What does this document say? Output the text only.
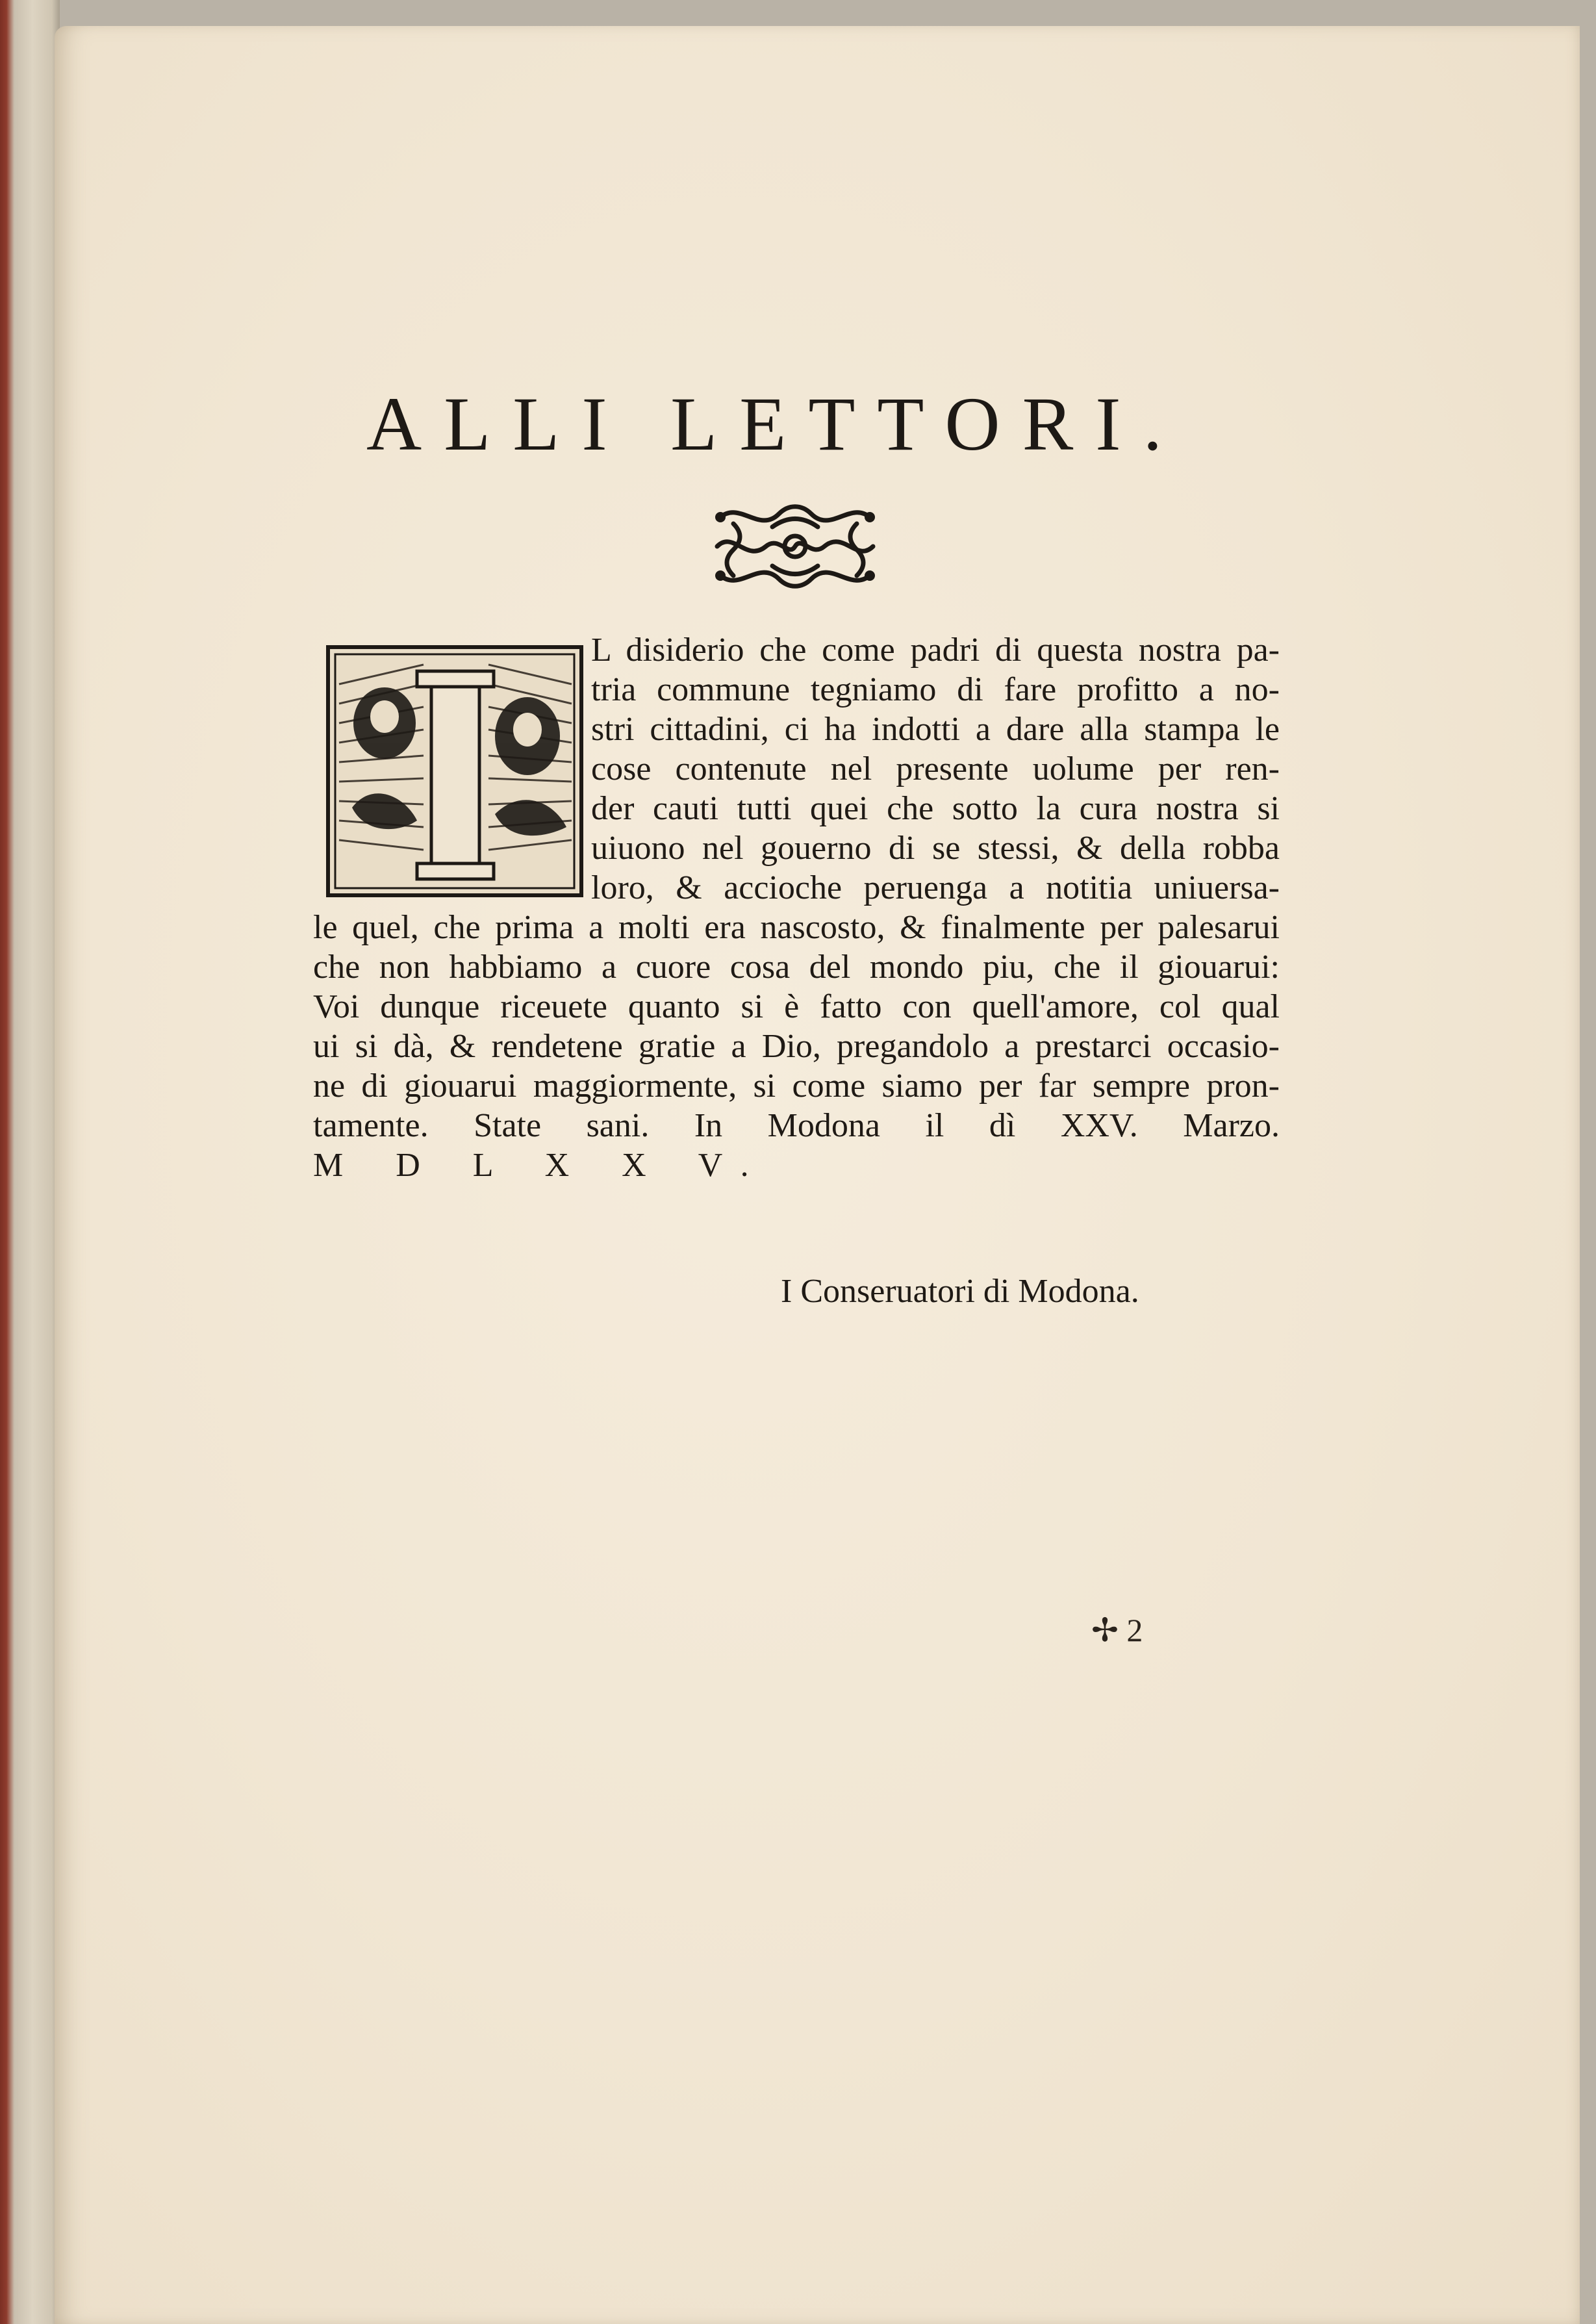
ALLI LETTORI.
L disiderio che come padri di questa nostra pa-
tria commune tegniamo di fare profitto a no-
stri cittadini, ci ha indotti a dare alla stampa le
cose contenute nel presente uolume per ren-
der cauti tutti quei che sotto la cura nostra si
uiuono nel gouerno di se stessi, & della robba
loro, & accioche peruenga a notitia uniuersa-
le quel, che prima a molti era nascosto, & finalmente per palesarui
che non habbiamo a cuore cosa del mondo piu, che il giouarui:
Voi dunque riceuete quanto si è fatto con quell'amore, col qual
ui si dà, & rendetene gratie a Dio, pregandolo a prestarci occasio-
ne di giouarui maggiormente, si come siamo per far sempre pron-
tamente. State sani. In Modona il dì XXV. Marzo.
M D L X X V.
I Conseruatori di Modona.
✢ 2
